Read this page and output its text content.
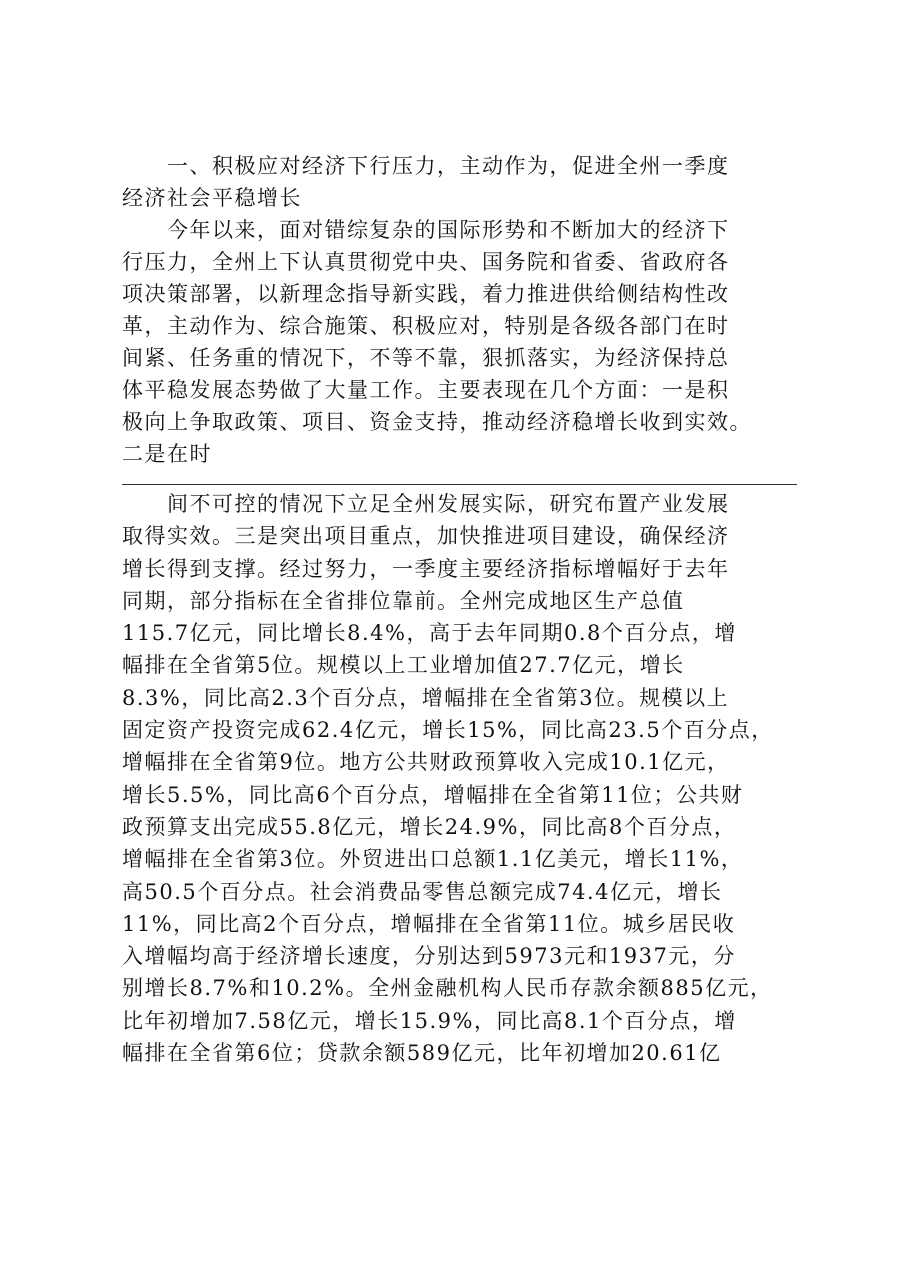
　　一、积极应对经济下行压力，主动作为，促进全州一季度
经济社会平稳增长
　　今年以来，面对错综复杂的国际形势和不断加大的经济下
行压力，全州上下认真贯彻党中央、国务院和省委、省政府各
项决策部署，以新理念指导新实践，着力推进供给侧结构性改
革，主动作为、综合施策、积极应对，特别是各级各部门在时
间紧、任务重的情况下，不等不靠，狠抓落实，为经济保持总
体平稳发展态势做了大量工作。主要表现在几个方面：一是积
极向上争取政策、项目、资金支持，推动经济稳增长收到实效。
二是在时
　　间不可控的情况下立足全州发展实际，研究布置产业发展
取得实效。三是突出项目重点，加快推进项目建设，确保经济
增长得到支撑。经过努力，一季度主要经济指标增幅好于去年
同期，部分指标在全省排位靠前。全州完成地区生产总值
115.7亿元，同比增长8.4%，高于去年同期0.8个百分点，增
幅排在全省第5位。规模以上工业增加值27.7亿元，增长
8.3%，同比高2.3个百分点，增幅排在全省第3位。规模以上
固定资产投资完成62.4亿元，增长15%，同比高23.5个百分点，
增幅排在全省第9位。地方公共财政预算收入完成10.1亿元，
增长5.5%，同比高6个百分点，增幅排在全省第11位；公共财
政预算支出完成55.8亿元，增长24.9%，同比高8个百分点，
增幅排在全省第3位。外贸进出口总额1.1亿美元，增长11%，
高50.5个百分点。社会消费品零售总额完成74.4亿元，增长
11%，同比高2个百分点，增幅排在全省第11位。城乡居民收
入增幅均高于经济增长速度，分别达到5973元和1937元，分
别增长8.7%和10.2%。全州金融机构人民币存款余额885亿元，
比年初增加7.58亿元，增长15.9%，同比高8.1个百分点，增
幅排在全省第6位；贷款余额589亿元，比年初增加20.61亿
